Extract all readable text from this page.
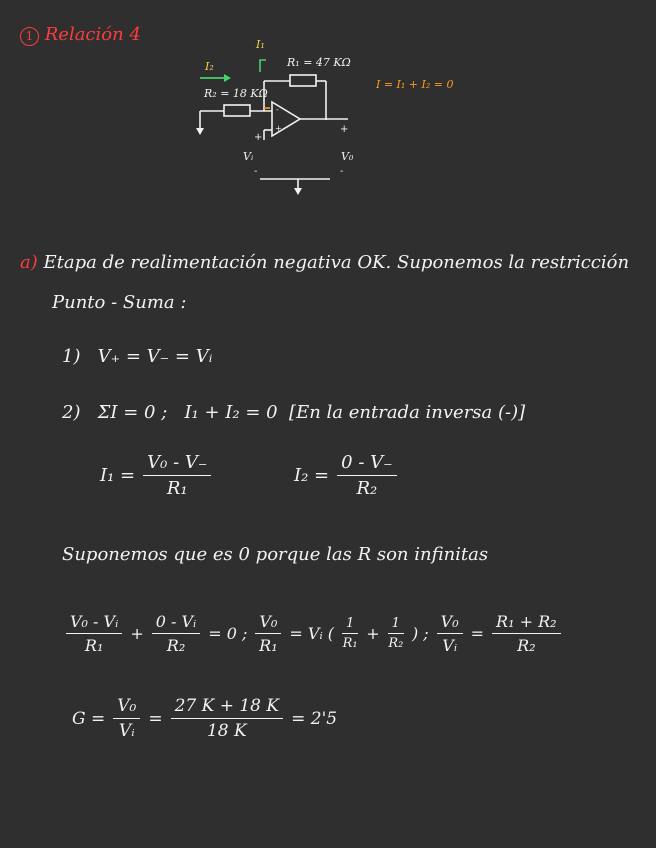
1 Relación 4
-
+
+
-
+
-
I₁
I₂	R₁ = 47 KΩ
R₂ = 18 KΩ
Vᵢ	V₀
I = I₁ + I₂ = 0
a) Etapa de realimentación negativa OK. Suponemos la restricción
Punto - Suma :
1) V₊ = V₋ = Vᵢ
2) ΣI = 0 ; I₁ + I₂ = 0 [En la entrada inversa (-)]
$I_1 = \frac{\text{V₀ - V₋}}{\text{R₁}}$	$I_2 = \frac{0 - V_-}{\text{R₂}}$
Suponemos que es 0 porque las R son infinitas
$\frac{\text{V₀ - Vᵢ}}{\text{R₁}} + \frac{\text{0 - Vᵢ}}{\text{R₂}} = 0$ ; $\frac{\text{V₀}}{\text{R₁}}$ = Vᵢ ( $\frac{1}{\text{R₁}} + \frac{1}{\text{R₂}}$ ) ; $\frac{\text{V₀}}{\text{Vᵢ}} = \frac{\text{R₁ + R₂}}{\text{R₂}}$
$G = \frac{\text{V₀}}{\text{Vᵢ}} = \frac{27 K + 18 K}{18 K} = 2'5$
